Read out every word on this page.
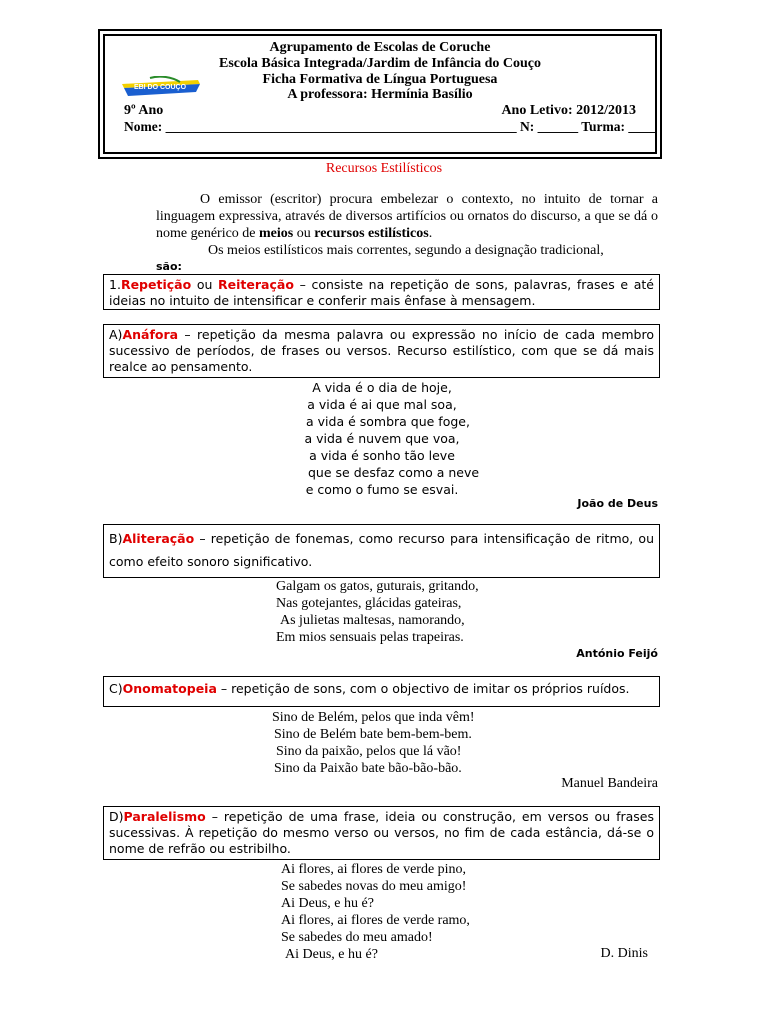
EBI DO COUÇO
Agrupamento de Escolas de Coruche
Escola Básica Integrada/Jardim de Infância do Couço
Ficha Formativa de Língua Portuguesa
A professora: Hermínia Basílio
9º Ano	Ano Letivo: 2012/2013
Nome: ____________________________________________________ N: ______ Turma: ____
Recursos Estilísticos
O emissor (escritor) procura embelezar o contexto, no intuito de tornar a linguagem expressiva, através de diversos artifícios ou ornatos do discurso, a que se dá o nome genérico de meios ou recursos estilísticos.
Os meios estilísticos mais correntes, segundo a designação tradicional,
são:
1.Repetição ou Reiteração – consiste na repetição de sons, palavras, frases e até ideias no intuito de intensificar e conferir mais ênfase à mensagem.
A)Anáfora – repetição da mesma palavra ou expressão no início de cada membro sucessivo de períodos, de frases ou versos. Recurso estilístico, com que se dá mais realce ao pensamento.
A vida é o dia de hoje,
a vida é ai que mal soa,
a vida é sombra que foge,
a vida é nuvem que voa,
a vida é sonho tão leve
que se desfaz como a neve
e como o fumo se esvai.
João de Deus
B)Aliteração – repetição de fonemas, como recurso para intensificação de ritmo, ou como efeito sonoro significativo.
Galgam os gatos, guturais, gritando,
Nas gotejantes, glácidas gateiras,
As julietas maltesas, namorando,
Em mios sensuais pelas trapeiras.
António Feijó
C)Onomatopeia – repetição de sons, com o objectivo de imitar os próprios ruídos.
Sino de Belém, pelos que inda vêm!
Sino de Belém bate bem-bem-bem.
Sino da paixão, pelos que lá vão!
Sino da Paixão bate bão-bão-bão.
Manuel Bandeira
D)Paralelismo – repetição de uma frase, ideia ou construção, em versos ou frases sucessivas. À repetição do mesmo verso ou versos, no fim de cada estância, dá-se o nome de refrão ou estribilho.
Ai flores, ai flores de verde pino,
Se sabedes novas do meu amigo!
Ai Deus, e hu é?
Ai flores, ai flores de verde ramo,
Se sabedes do meu amado!
Ai Deus, e hu é?	D. Dinis
